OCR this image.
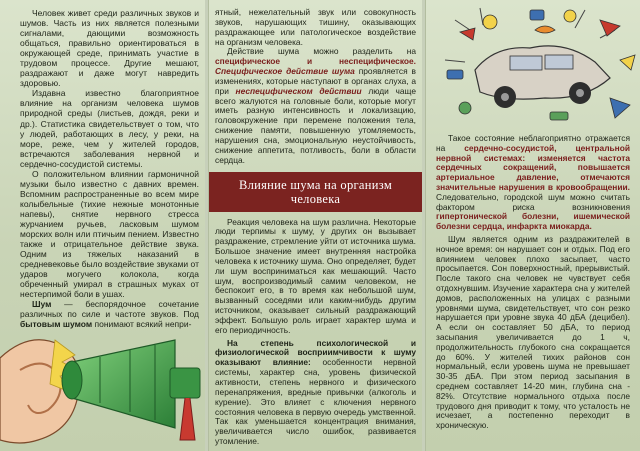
Человек живет среди различных звуков и шумов. Часть из них является полезными сигналами, дающими возможность общаться, правильно ориентироваться в окружающей среде, принимать участие в трудовом процессе. Другие мешают, раздражают и даже могут навредить здоровью.

Издавна известно благоприятное влияние на организм человека шумов природной среды (листьев, дождя, реки и др.). Статистика свидетельствует о том, что у людей, работающих в лесу, у реки, на море, реже, чем у жителей городов, встречаются заболевания нервной и сердечно-сосудистой системы.

О положительном влиянии гармоничной музыки было известно с давних времен. Вспомним распространенные во всем мире колыбельные (тихие нежные монотонные напевы), снятие нервного стресса журчанием ручьев, ласковым шумом морских волн или птичьим пением. Известно также и отрицательное действие звука. Одним из тяжелых наказаний в средневековье было воздействие звуками от ударов могучего колокола, когда обреченный умирал в страшных муках от нестерпимой боли в ушах.

Шум — беспорядочное сочетание различных по силе и частоте звуков. Под бытовым шумом понимают всякий непри-

ятный, нежелательный звук или совокупность звуков, нарушающих тишину, оказывающих раздражающее или патологическое воздействие на организм человека.

Действие шума можно разделить на специфическое и неспецифическое. Специфическое действие шума проявляется в изменениях, которые наступают в органах слуха, а при неспецифическом действии люди чаще всего жалуются на головные боли, которые могут иметь разную интенсивность и локализацию, головокружение при перемене положения тела, снижение памяти, повышенную утомляемость, нарушения сна, эмоциональную неустойчивость, снижение аппетита, потливость, боли в области сердца.

Влияние шума на организм человека

Реакция человека на шум различна. Некоторые люди терпимы к шуму, у других он вызывает раздражение, стремление уйти от источника шума. Большое значение имеет внутренняя настройка человека к источнику шума. Оно определяет, будет ли шум восприниматься как мешающий. Часто шум, воспроизводимый самим человеком, не беспокоит его, в то время как небольшой шум, вызванный соседями или каким-нибудь другим источником, оказывает сильный раздражающий эффект. Большую роль играет характер шума и его периодичность.

На степень психологической и физиологической восприимчивости к шуму оказывают влияние: особенности нервной системы, характер сна, уровень физической активности, степень нервного и физического перенапряжения, вредные привычки (алкоголь и курение). Это влияет с ключения нервного состояния человека в первую очередь умственной. Так как уменьшается концентрация внимания, увеличивается число ошибок, развивается утомление.

Такое состояние неблагоприятно отражается на сердечно-сосудистой, центральной нервной системах: изменяется частота сердечных сокращений, повышается артериальное давление, отмечаются значительные нарушения в кровообращении. Следовательно, городской шум можно считать фактором риска возникновения гипертонической болезни, ишемической болезни сердца, инфаркта миокарда.

Шум является одним из раздражителей в ночное время: он нарушает сон и отдых. Под его влиянием человек плохо засыпает, часто просыпается. Сон поверхностный, прерывистый. После такого сна человек не чувствует себя отдохнувшим. Изучение характера сна у жителей домов, расположенных на улицах с разными уровнями шума, свидетельствует, что сон резко нарушается при уровне звука 40 дБА (децибел). А если он составляет 50 дБА, то период засыпания увеличивается до 1 ч, продолжительность глубокого сна сокращается до 60%. У жителей тихих районов сон нормальный, если уровень шума не превышает 30-35 дБА. При этом период засыпания в среднем составляет 14-20 мин, глубина сна - 82%. Отсутствие нормального отдыха после трудового дня приводит к тому, что усталость не исчезает, а постепенно переходит в хроническую.
